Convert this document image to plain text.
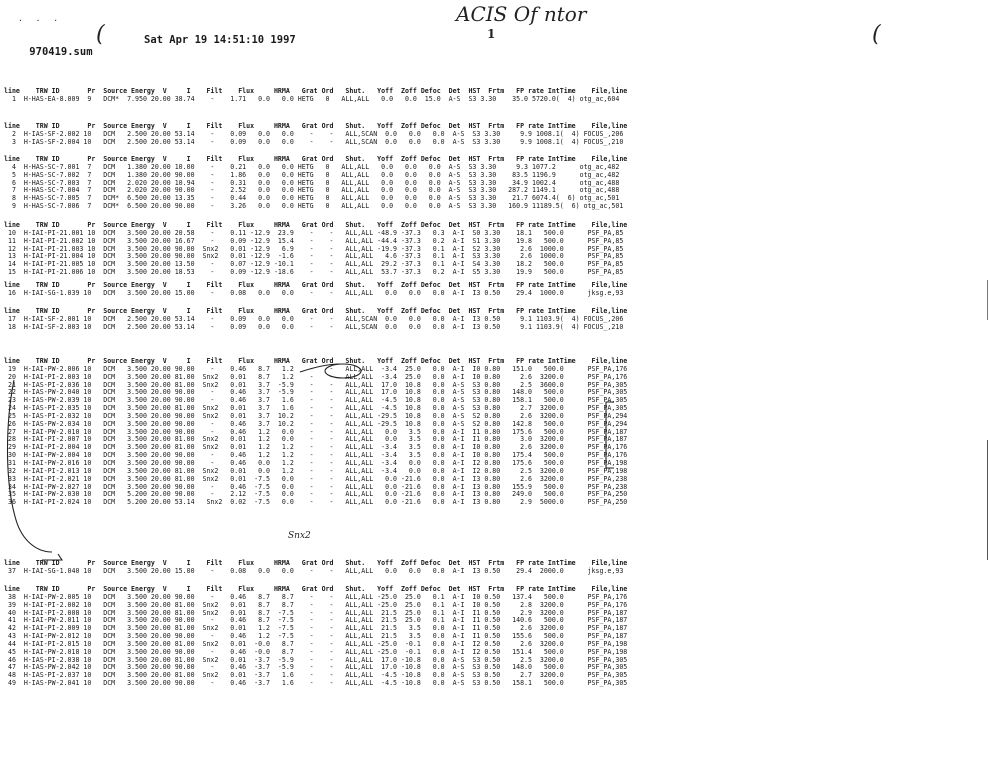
. . .

970419.sum

Sat Apr 19 14:51:10 1997

(
ACIS Of ntor
1	(
Snx2
line    TRW ID       Pr  Source Energy  V     I    Filt    Flux     HRMA   Grat Ord   Shut.   Yoff  Zoff Defoc  Det  HST  Frtm   FP rate IntTime    File,line
1  H-HAS-EA-8.009  9   DCM*  7.950 20.00 38.74    -    1.71   0.0   0.0 HETG   0   ALL,ALL   0.0   0.0  15.0  A-S  S3 3.30    35.0 5720.0(  4) otg_ac,604
line    TRW ID       Pr  Source Energy  V     I    Filt    Flux     HRMA   Grat Ord   Shut.   Yoff  Zoff Defoc  Det  HST  Frtm   FP rate IntTime    File,line
2  H-IAS-SF-2.002 10   DCM   2.500 20.00 53.14    -    0.09   0.0   0.0    -    -   ALL,SCAN  0.0   0.0   0.0  A-S  S3 3.30     9.9 1008.1(  4) FOCUS_,206
3  H-IAS-SF-2.004 10   DCM   2.500 20.00 53.14    -    0.09   0.0   0.0    -    -   ALL,SCAN  0.0   0.0   0.0  A-S  S3 3.30     9.9 1008.1(  4) FOCUS_,210
line    TRW ID       Pr  Source Energy  V     I    Filt    Flux     HRMA   Grat Ord   Shut.   Yoff  Zoff Defoc  Det  HST  Frtm   FP rate IntTime    File,line
4  H-HAS-SC-7.001  7   DCM   1.380 20.00 10.00    -    0.21   0.0   0.0 HETG   0   ALL,ALL   0.0   0.0   0.0  A-S  S3 3.30     9.3 1077.2      otg_ac,482
5  H-HAS-SC-7.002  7   DCM   1.380 20.00 90.00    -    1.86   0.0   0.0 HETG   0   ALL,ALL   0.0   0.0   0.0  A-S  S3 3.30    83.5 1196.9      otg_ac,482
6  H-HAS-SC-7.003  7   DCM   2.020 20.00 10.94    -    0.31   0.0   0.0 HETG   0   ALL,ALL   0.0   0.0   0.0  A-S  S3 3.30    34.9 1002.4      otg_ac,488
7  H-HAS-SC-7.004  7   DCM   2.020 20.00 90.00    -    2.52   0.0   0.0 HETG   0   ALL,ALL   0.0   0.0   0.0  A-S  S3 3.30   287.2 1149.1      otg_ac,488
8  H-HAS-SC-7.005  7   DCM*  6.500 20.00 13.35    -    0.44   0.0   0.0 HETG   0   ALL,ALL   0.0   0.0   0.0  A-S  S3 3.30    21.7 6074.4(  6) otg_ac,501
9  H-HAS-SC-7.006  7   DCM*  6.500 20.00 90.00    -    3.26   0.0   0.0 HETG   0   ALL,ALL   0.0   0.0   0.0  A-S  S3 3.30   160.9 11189.5(  6) otg_ac,501
line    TRW ID       Pr  Source Energy  V     I    Filt    Flux     HRMA   Grat Ord   Shut.   Yoff  Zoff Defoc  Det  HST  Frtm   FP rate IntTime    File,line
10  H-IAI-PI-21.001 10  DCM   3.500 20.00 20.58    -    0.11 -12.9  23.9    -    -   ALL,ALL -48.9 -37.3   0.3  A-I  S0 3.30    18.1   500.0      PSF_PA,85
11  H-IAI-PI-21.002 10  DCM   3.500 20.00 16.67    -    0.09 -12.9  15.4    -    -   ALL,ALL -44.4 -37.3   0.2  A-I  S1 3.30    19.8   500.0      PSF_PA,85
12  H-IAI-PI-21.003 10  DCM   3.500 20.00 90.00  Snx2   0.01 -12.9   6.9    -    -   ALL,ALL -19.9 -37.3   0.1  A-I  S2 3.30     2.6  1000.0      PSF_PA,85
13  H-IAI-PI-21.004 10  DCM   3.500 20.00 90.00  Snx2   0.01 -12.9  -1.6    -    -   ALL,ALL   4.6 -37.3   0.1  A-I  S3 3.30     2.6  1000.0      PSF_PA,85
14  H-IAI-PI-21.005 10  DCM   3.500 20.00 13.50    -    0.07 -12.9 -10.1    -    -   ALL,ALL  29.2 -37.3   0.1  A-I  S4 3.30    18.2   500.0      PSF_PA,85
15  H-IAI-PI-21.006 10  DCM   3.500 20.00 18.53    -    0.09 -12.9 -18.6    -    -   ALL,ALL  53.7 -37.3   0.2  A-I  S5 3.30    19.9   500.0      PSF_PA,85
line    TRW ID       Pr  Source Energy  V     I    Filt    Flux     HRMA   Grat Ord   Shut.   Yoff  Zoff Defoc  Det  HST  Frtm   FP rate IntTime    File,line
16  H-IAI-SG-1.039 10   DCM   3.500 20.00 15.00    -    0.08   0.0   0.0    -    -   ALL,ALL   0.0   0.0   0.0  A-I  I3 0.50    29.4  1000.0      jksg.e,93
line    TRW ID       Pr  Source Energy  V     I    Filt    Flux     HRMA   Grat Ord   Shut.   Yoff  Zoff Defoc  Det  HST  Frtm   FP rate IntTime    File,line
17  H-IAI-SF-2.001 10   DCM   2.500 20.00 53.14    -    0.09   0.0   0.0    -    -   ALL,SCAN  0.0   0.0   0.0  A-I  I3 0.50     9.1 1103.9(  4) FOCUS_,206
18  H-IAI-SF-2.003 10   DCM   2.500 20.00 53.14    -    0.09   0.0   0.0    -    -   ALL,SCAN  0.0   0.0   0.0  A-I  I3 0.50     9.1 1103.9(  4) FOCUS_,210
line    TRW ID       Pr  Source Energy  V     I    Filt    Flux     HRMA   Grat Ord   Shut.   Yoff  Zoff Defoc  Det  HST  Frtm   FP rate IntTime    File,line
19  H-IAI-PW-2.006 10   DCM   3.500 20.00 90.00    -    0.46   8.7   1.2    -    -   ALL,ALL  -3.4  25.0   0.0  A-I  I0 0.80   151.0   500.0      PSF_PA,176
20  H-IAI-PI-2.003 10   DCM   3.500 20.00 81.00  Snx2   0.01   8.7   1.2    -    -   ALL,ALL  -3.4  25.0   0.0  A-I  I0 0.80     2.6  3200.0      PSF_PA,176
21  H-IAS-PI-2.036 10   DCM   3.500 20.00 81.00  Snx2   0.01   3.7  -5.9    -    -   ALL,ALL  17.0  10.8   0.0  A-S  S3 0.80     2.5  3600.0      PSF_PA,305
22  H-IAS-PW-2.040 10   DCM   3.500 20.00 90.00    -    0.46   3.7  -5.9    -    -   ALL,ALL  17.0  10.8   0.0  A-S  S3 0.80   148.0   500.0      PSF_PA,305
23  H-IAS-PW-2.039 10   DCM   3.500 20.00 90.00    -    0.46   3.7   1.6    -    -   ALL,ALL  -4.5  10.8   0.0  A-S  S3 0.80   158.1   500.0      PSF_PA,305
24  H-IAS-PI-2.035 10   DCM   3.500 20.00 81.00  Snx2   0.01   3.7   1.6    -    -   ALL,ALL  -4.5  10.8   0.0  A-S  S3 0.80     2.7  3200.0      PSF_PA,305
25  H-IAS-PI-2.032 10   DCM   3.500 20.00 90.00  Snx2   0.01   3.7  10.2    -    -   ALL,ALL -29.5  10.8   0.0  A-S  S2 0.80     2.6  3200.0      PSF_PA,294
26  H-IAS-PW-2.034 10   DCM   3.500 20.00 90.00    -    0.46   3.7  10.2    -    -   ALL,ALL -29.5  10.8   0.0  A-S  S2 0.80   142.8   500.0      PSF_PA,294
27  H-IAI-PW-2.010 10   DCM   3.500 20.00 90.00    -    0.46   1.2   0.0    -    -   ALL,ALL   0.0   3.5   0.0  A-I  I1 0.80   175.6   500.0      PSF_PA,187
28  H-IAI-PI-2.007 10   DCM   3.500 20.00 81.00  Snx2   0.01   1.2   0.0    -    -   ALL,ALL   0.0   3.5   0.0  A-I  I1 0.80     3.0  3200.0      PSF_PA,187
29  H-IAI-PI-2.004 10   DCM   3.500 20.00 81.00  Snx2   0.01   1.2   1.2    -    -   ALL,ALL  -3.4   3.5   0.0  A-I  I0 0.80     2.6  3200.0      PSF_PA,176
30  H-IAI-PW-2.004 10   DCM   3.500 20.00 90.00    -    0.46   1.2   1.2    -    -   ALL,ALL  -3.4   3.5   0.0  A-I  I0 0.80   175.4   500.0      PSF_PA,176
31  H-IAI-PW-2.016 10   DCM   3.500 20.00 90.00    -    0.46   0.0   1.2    -    -   ALL,ALL  -3.4   0.0   0.0  A-I  I2 0.80   175.6   500.0      PSF_PA,198
32  H-IAI-PI-2.013 10   DCM   3.500 20.00 81.00  Snx2   0.01   0.0   1.2    -    -   ALL,ALL  -3.4   0.0   0.0  A-I  I2 0.80     2.5  3200.0      PSF_PA,198
33  H-IAI-PI-2.021 10   DCM   3.500 20.00 81.00  Snx2   0.01  -7.5   0.0    -    -   ALL,ALL   0.0 -21.6   0.0  A-I  I3 0.80     2.6  3200.0      PSF_PA,238
34  H-IAI-PW-2.027 10   DCM   3.500 20.00 90.00    -    0.46  -7.5   0.0    -    -   ALL,ALL   0.0 -21.6   0.0  A-I  I3 0.80   155.9   500.0      PSF_PA,238
35  H-IAI-PW-2.030 10   DCM   5.200 20.00 90.00    -    2.12  -7.5   0.0    -    -   ALL,ALL   0.0 -21.6   0.0  A-I  I3 0.80   249.0   500.0      PSF_PA,250
36  H-IAI-PI-2.024 10   DCM   5.200 20.00 53.14   Snx2  0.02  -7.5   0.0    -    -   ALL,ALL   0.0 -21.6   0.0  A-I  I3 0.80     2.9  5000.0      PSF_PA,250
line    TRW ID       Pr  Source Energy  V     I    Filt    Flux     HRMA   Grat Ord   Shut.   Yoff  Zoff Defoc  Det  HST  Frtm   FP rate IntTime    File,line
37  H-IAI-SG-1.040 10   DCM   3.500 20.00 15.00    -    0.08   0.0   0.0    -    -   ALL,ALL   0.0   0.0   0.0  A-I  I3 0.50    29.4  2000.0      jksg.e,93
line    TRW ID       Pr  Source Energy  V     I    Filt    Flux     HRMA   Grat Ord   Shut.   Yoff  Zoff Defoc  Det  HST  Frtm   FP rate IntTime    File,line
38  H-IAI-PW-2.005 10   DCM   3.500 20.00 90.00    -    0.46   8.7   8.7    -    -   ALL,ALL -25.0  25.0   0.1  A-I  I0 0.50   137.4   500.0      PSF_PA,176
39  H-IAI-PI-2.002 10   DCM   3.500 20.00 81.00  Snx2   0.01   8.7   8.7    -    -   ALL,ALL -25.0  25.0   0.1  A-I  I0 0.50     2.8  3200.0      PSF_PA,176
40  H-IAI-PI-2.008 10   DCM   3.500 20.00 81.00  Snx2   0.01   8.7  -7.5    -    -   ALL,ALL  21.5  25.0   0.1  A-I  I1 0.50     2.9  3200.0      PSF_PA,187
41  H-IAI-PW-2.011 10   DCM   3.500 20.00 90.00    -    0.46   8.7  -7.5    -    -   ALL,ALL  21.5  25.0   0.1  A-I  I1 0.50   140.6   500.0      PSF_PA,187
42  H-IAI-PI-2.009 10   DCM   3.500 20.00 81.00  Snx2   0.01   1.2  -7.5    -    -   ALL,ALL  21.5   3.5   0.0  A-I  I1 0.50     2.6  3200.0      PSF_PA,187
43  H-IAI-PW-2.012 10   DCM   3.500 20.00 90.00    -    0.46   1.2  -7.5    -    -   ALL,ALL  21.5   3.5   0.0  A-I  I1 0.50   155.6   500.0      PSF_PA,187
44  H-IAI-PI-2.015 10   DCM   3.500 20.00 81.00  Snx2   0.01  -0.0   8.7    -    -   ALL,ALL -25.0  -0.1   0.0  A-I  I2 0.50     2.6  3200.0      PSF_PA,198
45  H-IAI-PW-2.018 10   DCM   3.500 20.00 90.00    -    0.46  -0.0   8.7    -    -   ALL,ALL -25.0  -0.1   0.0  A-I  I2 0.50   151.4   500.0      PSF_PA,198
46  H-IAS-PI-2.038 10   DCM   3.500 20.00 81.00  Snx2   0.01  -3.7  -5.9    -    -   ALL,ALL  17.0 -10.8   0.0  A-S  S3 0.50     2.5  3200.0      PSF_PA,305
47  H-IAS-PW-2.042 10   DCM   3.500 20.00 90.00    -    0.46  -3.7  -5.9    -    -   ALL,ALL  17.0 -10.8   0.0  A-S  S3 0.50   148.0   500.0      PSF_PA,305
48  H-IAS-PI-2.037 10   DCM   3.500 20.00 81.00  Snx2   0.01  -3.7   1.6    -    -   ALL,ALL  -4.5 -10.8   0.0  A-S  S3 0.50     2.7  3200.0      PSF_PA,305
49  H-IAS-PW-2.041 10   DCM   3.500 20.00 90.00    -    0.46  -3.7   1.6    -    -   ALL,ALL  -4.5 -10.8   0.0  A-S  S3 0.50   158.1   500.0      PSF_PA,305
